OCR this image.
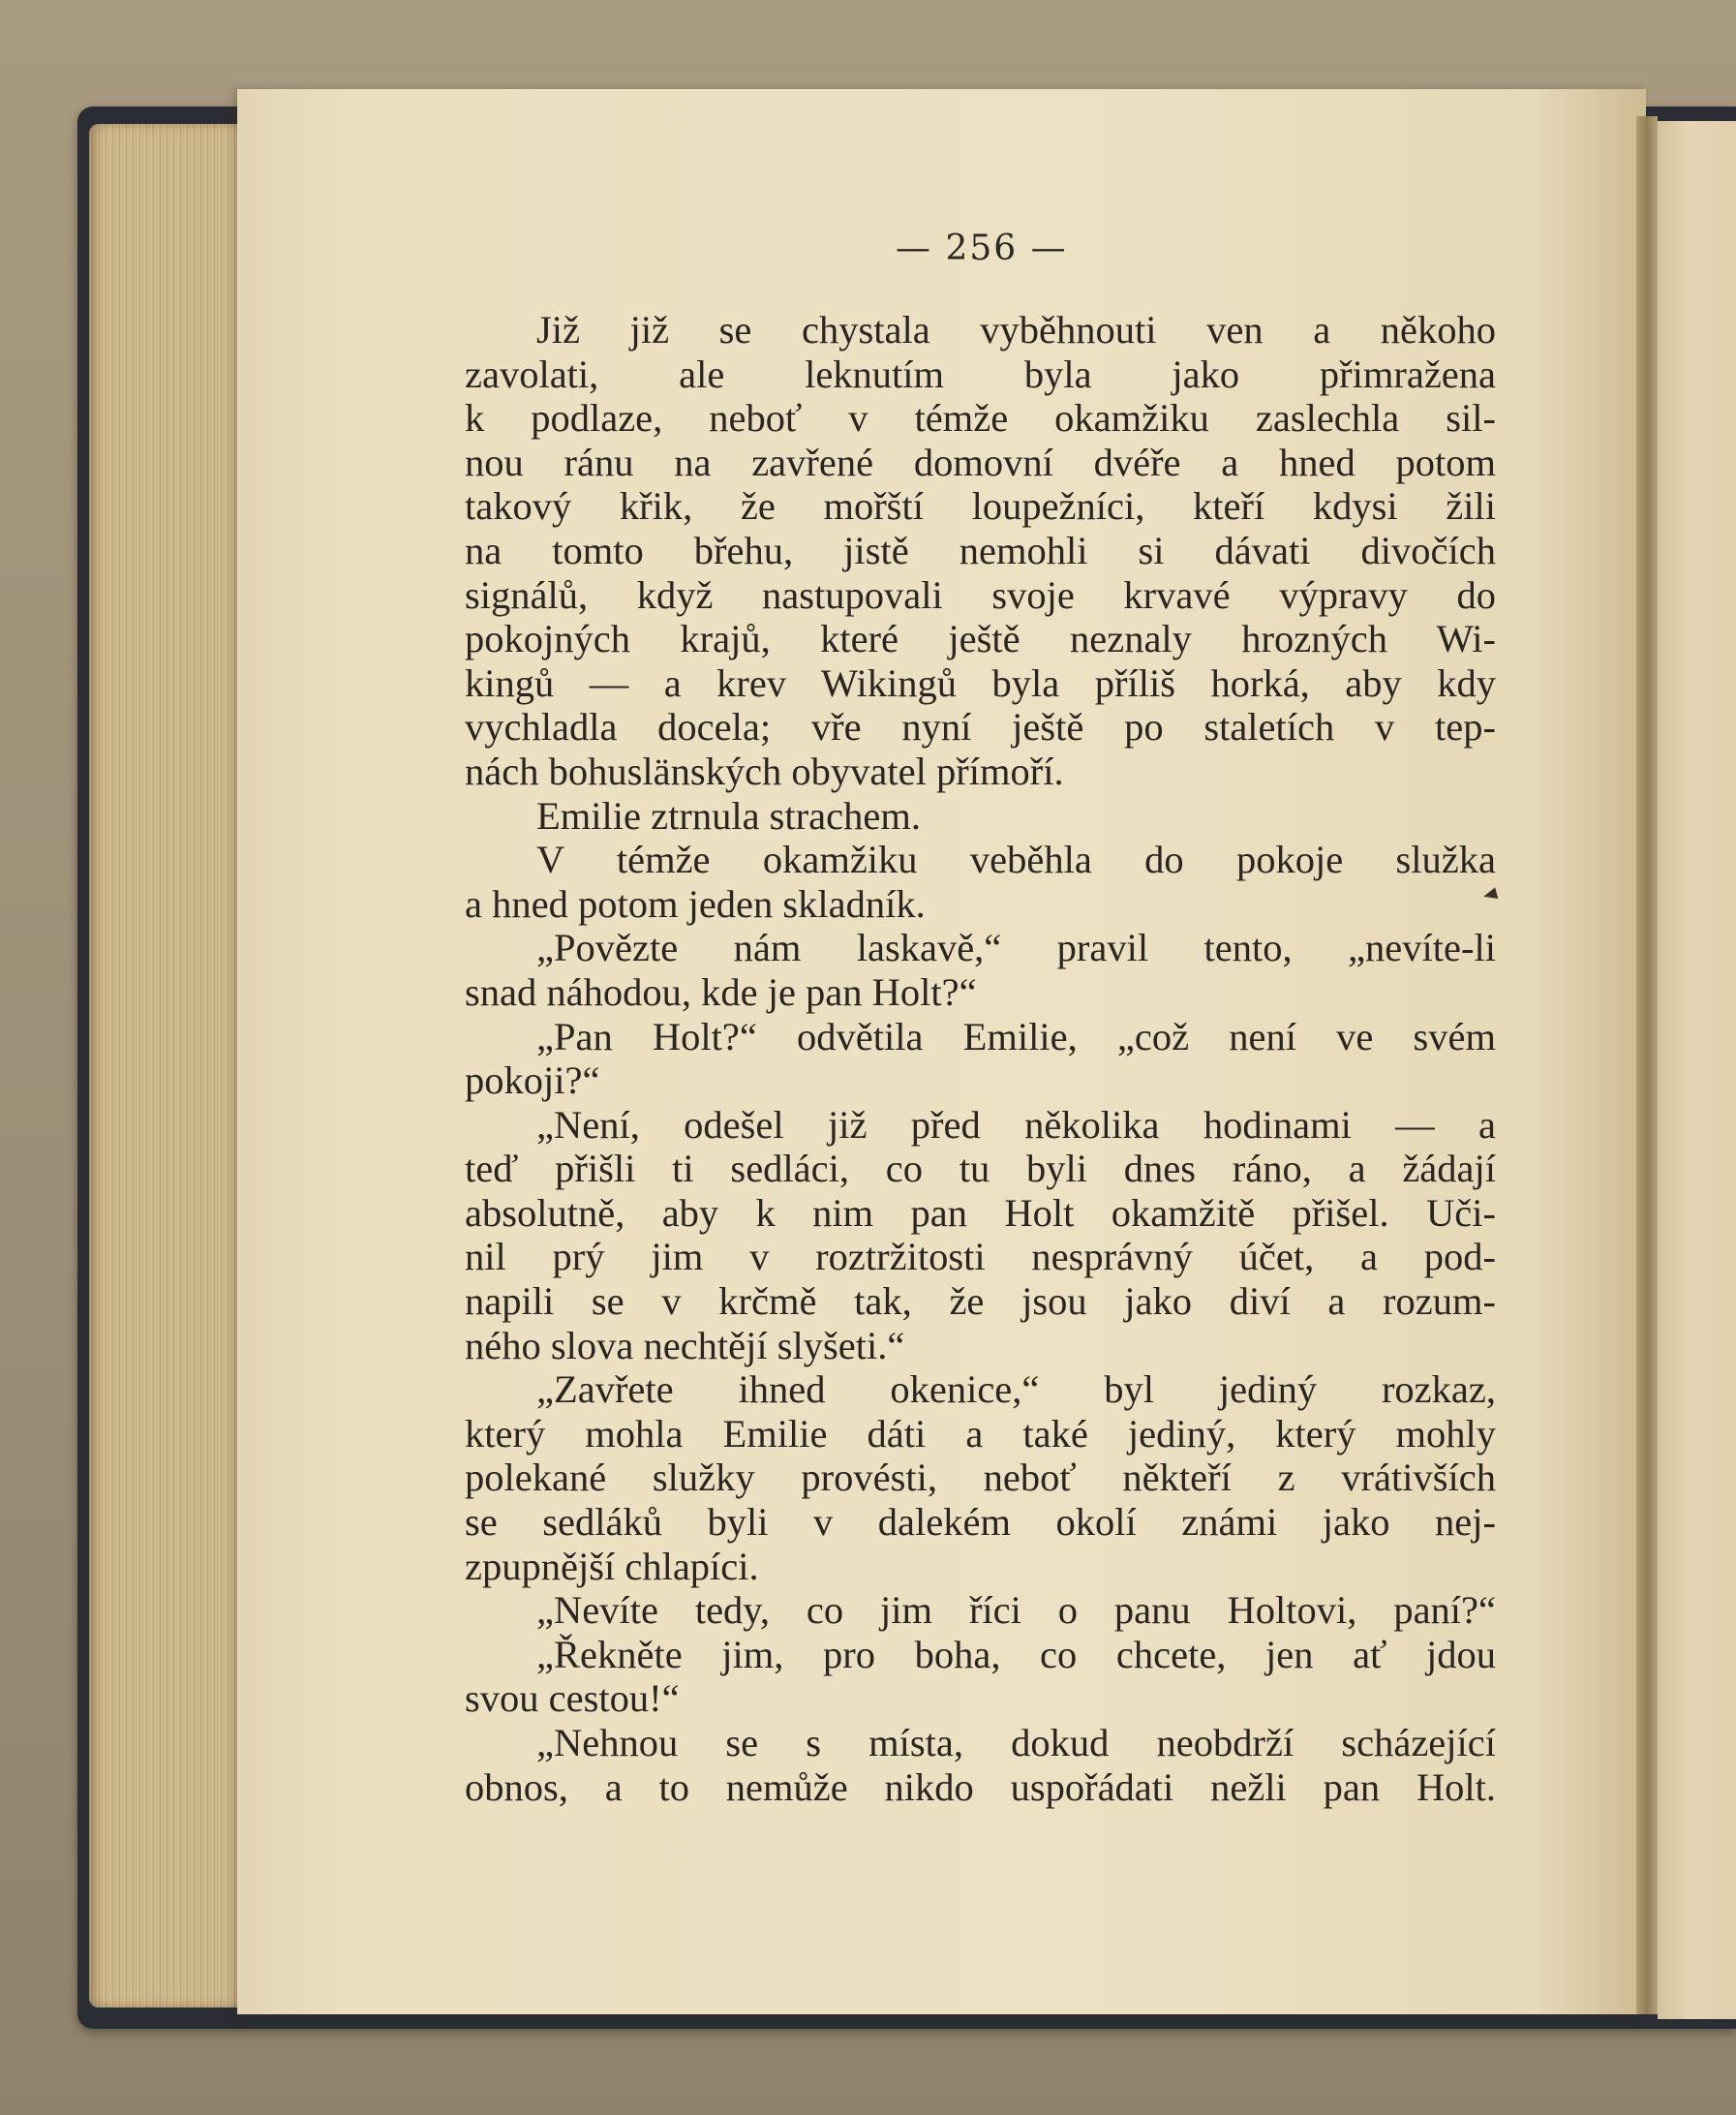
— 256 —
Již již se chystala vyběhnouti ven a někoho
zavolati, ale leknutím byla jako přimražena
k podlaze, neboť v témže okamžiku zaslechla sil-
nou ránu na zavřené domovní dvéře a hned potom
takový křik, že mořští loupežníci, kteří kdysi žili
na tomto břehu, jistě nemohli si dávati divočích
signálů, když nastupovali svoje krvavé výpravy do
pokojných krajů, které ještě neznaly hrozných Wi-
kingů — a krev Wikingů byla příliš horká, aby kdy
vychladla docela; vře nyní ještě po staletích v tep-
nách bohuslänských obyvatel přímoří.
Emilie ztrnula strachem.
V témže okamžiku veběhla do pokoje služka
a hned potom jeden skladník.
„Povězte nám laskavě,“ pravil tento, „nevíte-li
snad náhodou, kde je pan Holt?“
„Pan Holt?“ odvětila Emilie, „což není ve svém
pokoji?“
„Není, odešel již před několika hodinami — a
teď přišli ti sedláci, co tu byli dnes ráno, a žádají
absolutně, aby k nim pan Holt okamžitě přišel. Uči-
nil prý jim v roztržitosti nesprávný účet, a pod-
napili se v krčmě tak, že jsou jako diví a rozum-
ného slova nechtějí slyšeti.“
„Zavřete ihned okenice,“ byl jediný rozkaz,
který mohla Emilie dáti a také jediný, který mohly
polekané služky provésti, neboť někteří z vrátivších
se sedláků byli v dalekém okolí známi jako nej-
zpupnější chlapíci.
„Nevíte tedy, co jim říci o panu Holtovi, paní?“
„Řekněte jim, pro boha, co chcete, jen ať jdou
svou cestou!“
„Nehnou se s místa, dokud neobdrží scházející
obnos, a to nemůže nikdo uspořádati nežli pan Holt.
